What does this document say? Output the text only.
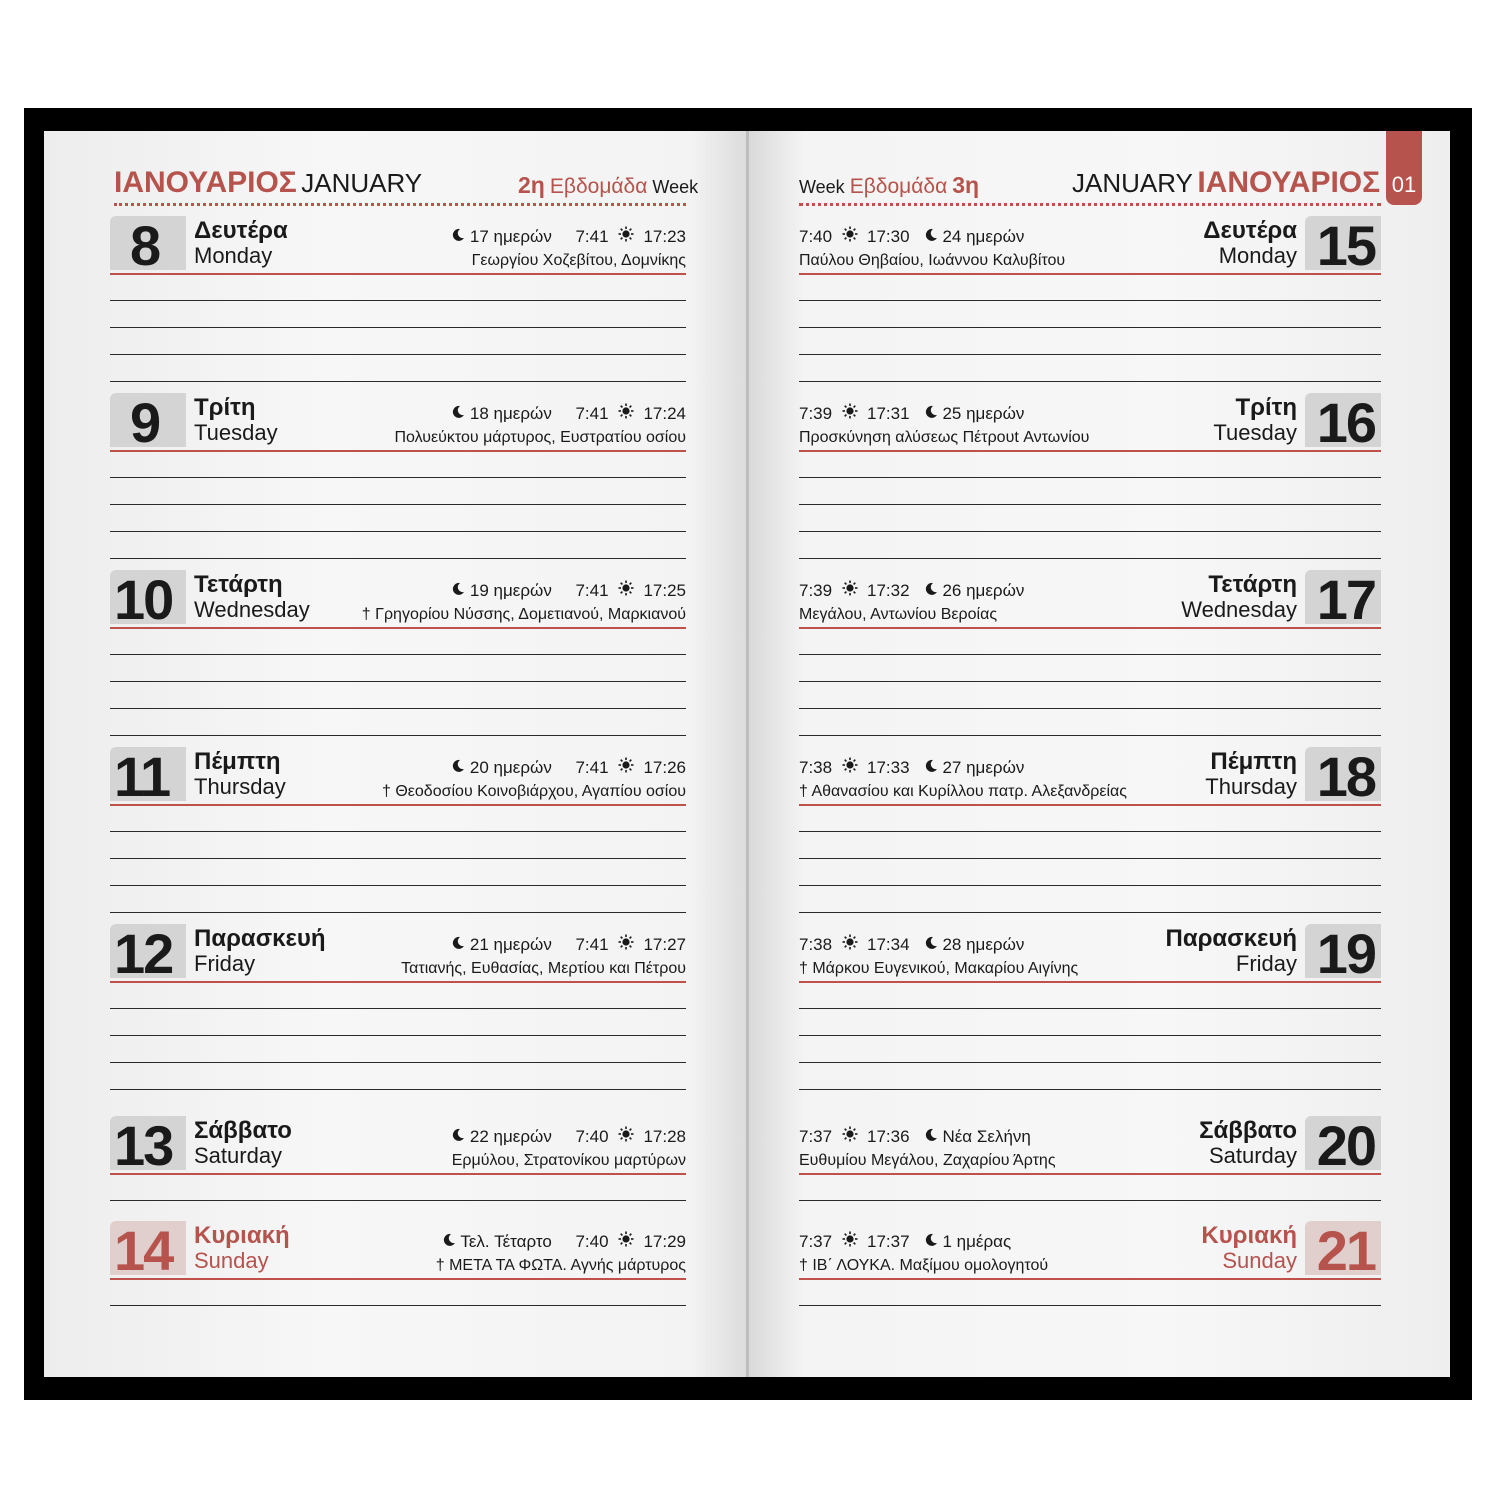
01
ΙΑΝΟΥΑΡΙΟΣ JANUARY	2η Εβδομάδα Week	Week Εβδομάδα 3η	JANUARY ΙΑΝΟΥΑΡΙΟΣ
8 Δευτέρα
Monday
17 ημερών 7:41 17:23
Γεωργίου Χοζεβίτου, Δομνίκης
9 Τρίτη
Tuesday
18 ημερών 7:41 17:24
Πολυεύκτου μάρτυρος, Ευστρατίου οσίου
10 Τετάρτη
Wednesday
19 ημερών 7:41 17:25
† Γρηγορίου Νύσσης, Δομετιανού, Μαρκιανού
11 Πέμπτη
Thursday
20 ημερών 7:41 17:26
† Θεοδοσίου Κοινοβιάρχου, Αγαπίου οσίου
12 Παρασκευή
Friday
21 ημερών 7:41 17:27
Τατιανής, Ευθασίας, Μερτίου και Πέτρου
13 Σάββατο
Saturday
22 ημερών 7:40 17:28
Ερμύλου, Στρατονίκου μαρτύρων
14 Κυριακή
Sunday
Τελ. Τέταρτο 7:40 17:29
† ΜΕΤΑ ΤΑ ΦΩΤΑ. Αγνής μάρτυρος
15
Δευτέρα
Monday
7:40 17:30 24 ημερών
Παύλου Θηβαίου, Ιωάννου Καλυβίτου
16
Τρίτη
Tuesday
7:39 17:31 25 ημερών
Προσκύνηση αλύσεως Πέτρουt Αντωνίου
17
Τετάρτη
Wednesday
7:39 17:32 26 ημερών
Μεγάλου, Αντωνίου Βεροίας
18
Πέμπτη
Thursday
7:38 17:33 27 ημερών
† Αθανασίου και Κυρίλλου πατρ. Αλεξανδρείας
19
Παρασκευή
Friday
7:38 17:34 28 ημερών
† Μάρκου Ευγενικού, Μακαρίου Αιγίνης
20
Σάββατο
Saturday
7:37 17:36 Νέα Σελήνη
Ευθυμίου Μεγάλου, Ζαχαρίου Άρτης
21
Κυριακή
Sunday
7:37 17:37 1 ημέρας
† ΙΒ΄ ΛΟΥΚΑ. Μαξίμου ομολογητού
